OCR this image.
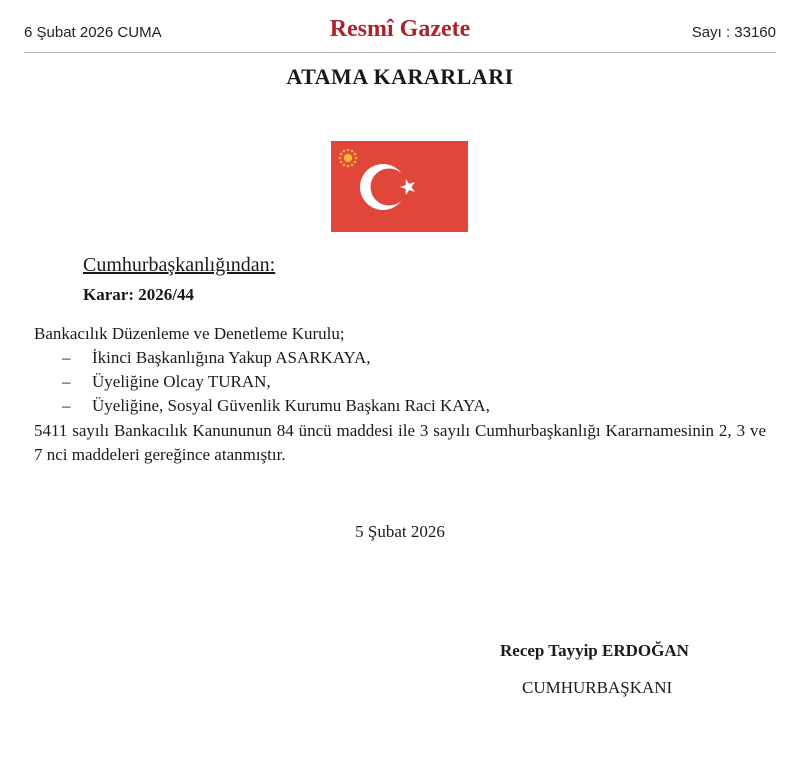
6 Şubat 2026 CUMA	Resmî Gazete	Sayı : 33160
ATAMA KARARLARI
Cumhurbaşkanlığından:
Karar: 2026/44
Bankacılık Düzenleme ve Denetleme Kurulu;
–	İkinci Başkanlığına Yakup ASARKAYA,
–	Üyeliğine Olcay TURAN,
–	Üyeliğine, Sosyal Güvenlik Kurumu Başkanı Raci KAYA,
5411 sayılı Bankacılık Kanununun 84 üncü maddesi ile 3 sayılı Cumhurbaşkanlığı Kararnamesinin 2, 3 ve 7 nci maddeleri gereğince atanmıştır.
5 Şubat 2026
Recep Tayyip ERDOĞAN
CUMHURBAŞKANI
